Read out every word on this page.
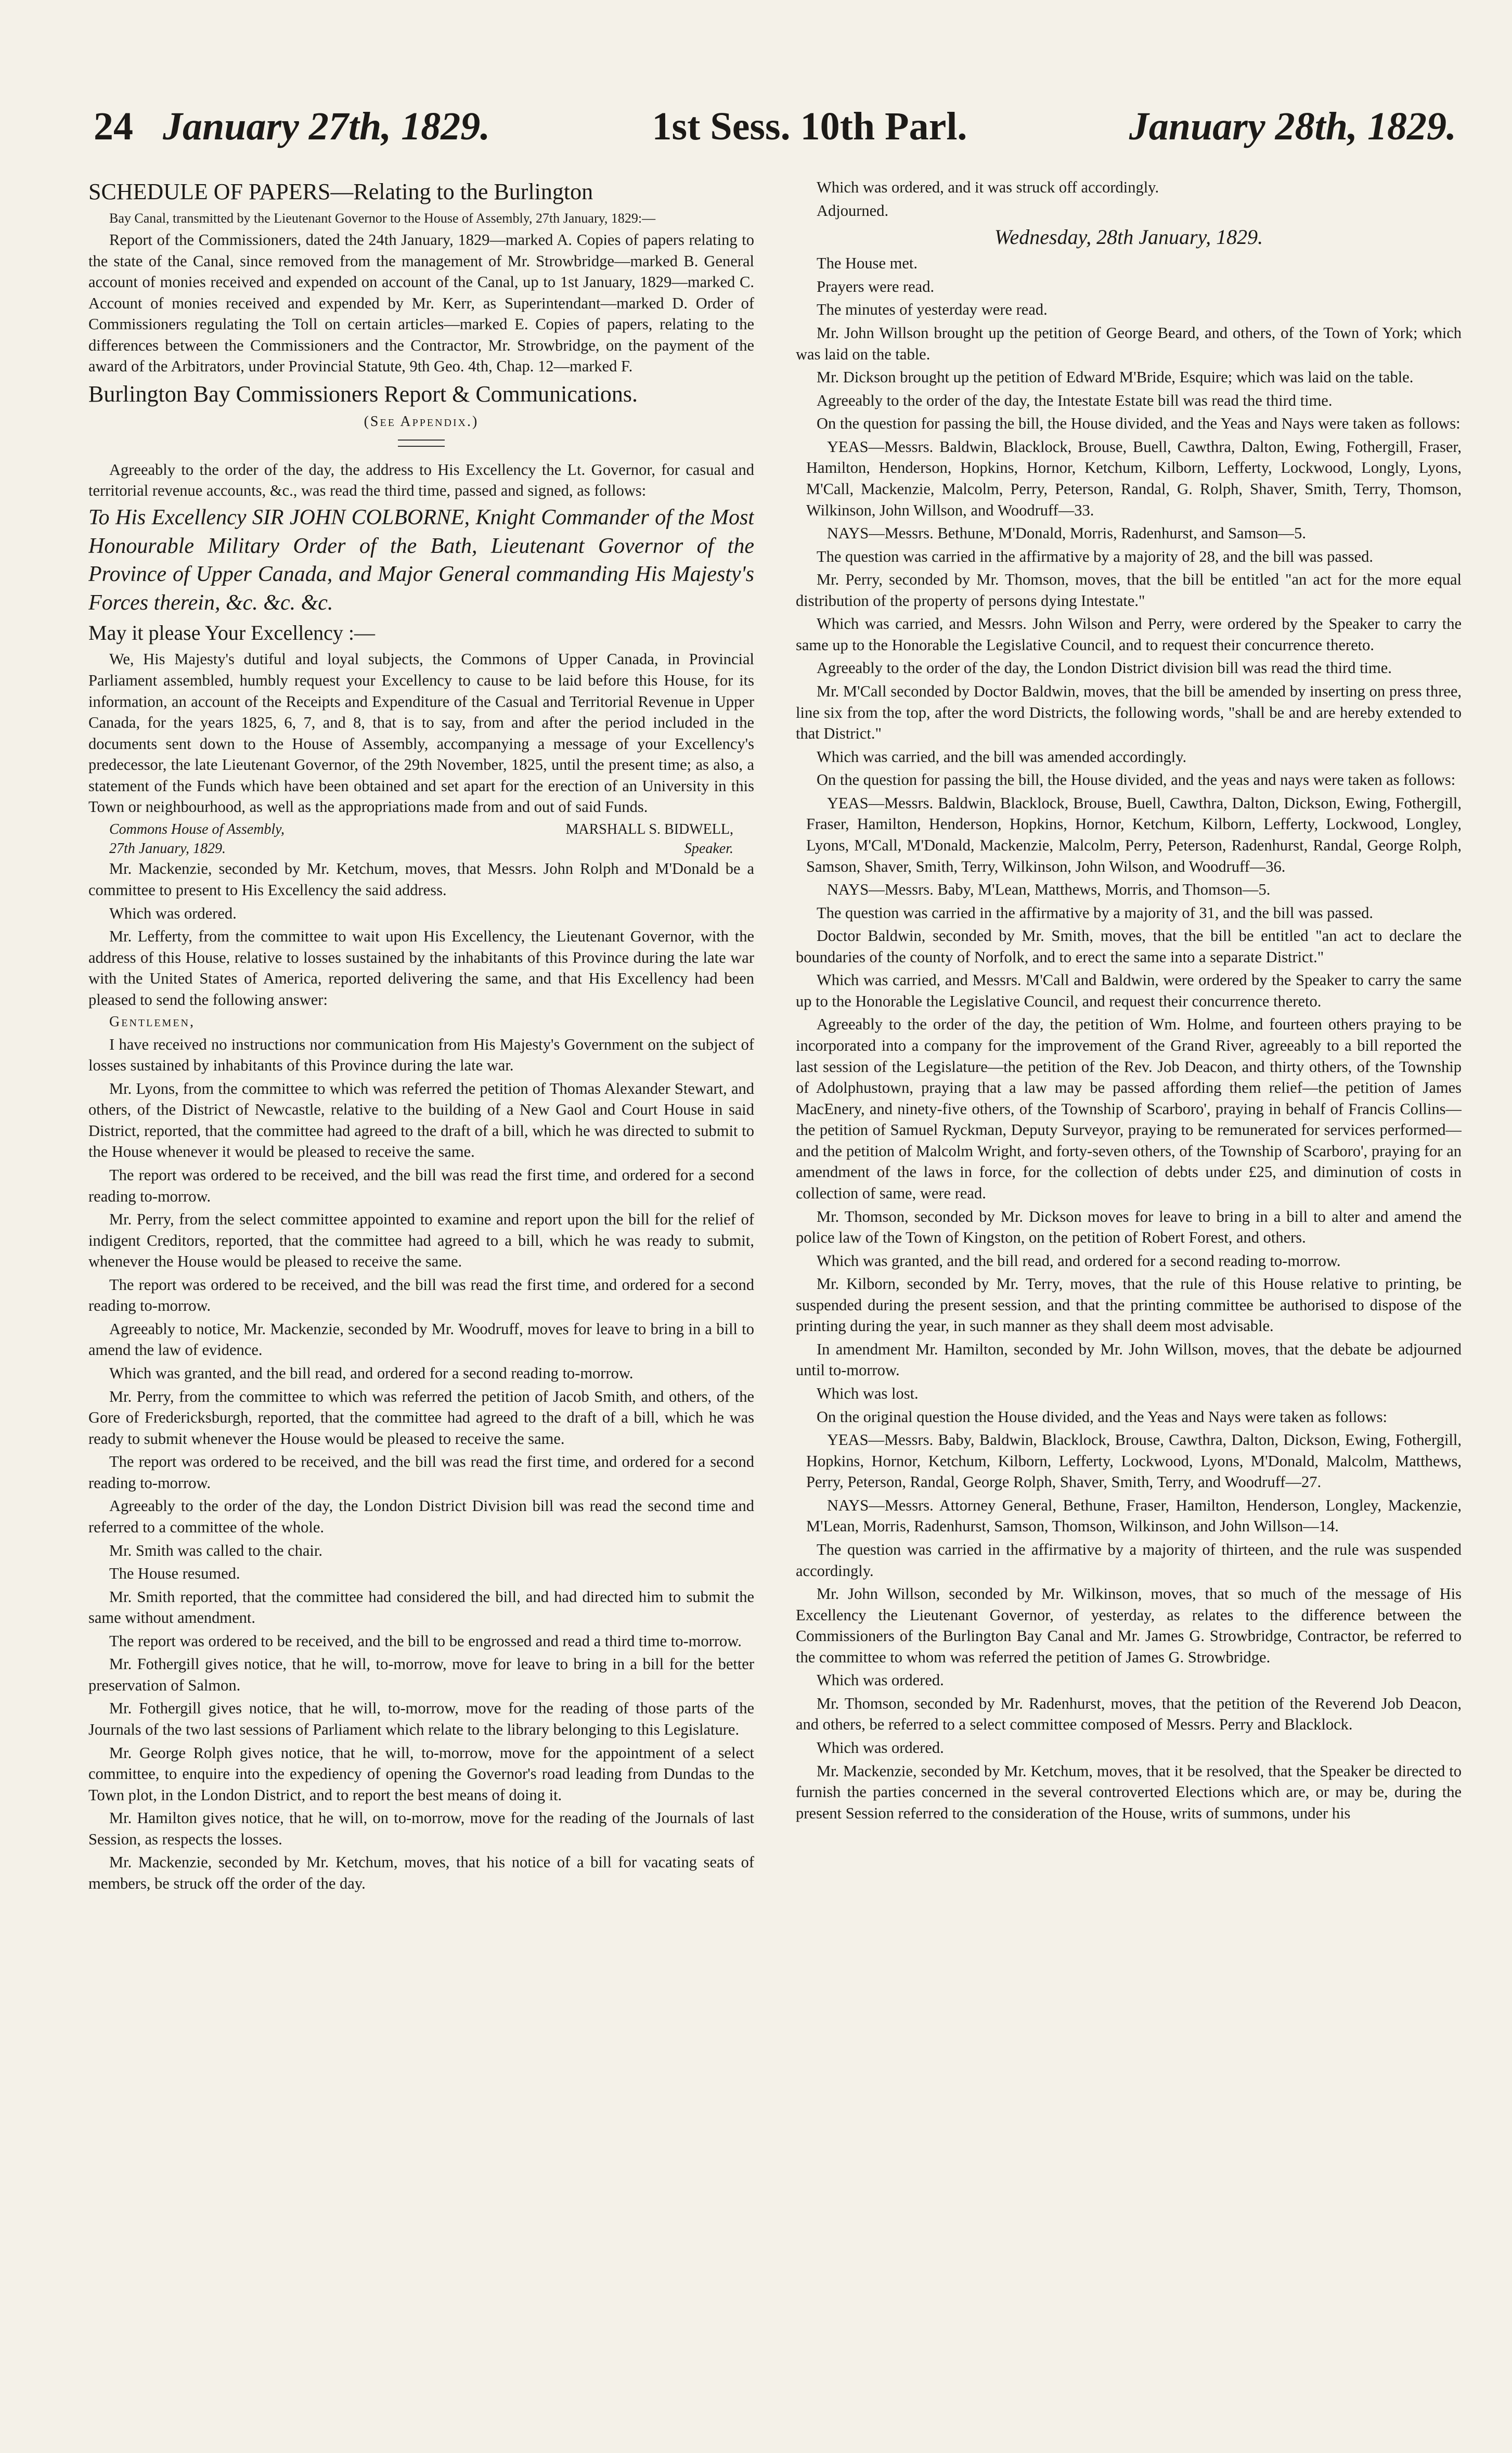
24 January 27th, 1829.	1st Sess. 10th Parl.	January 28th, 1829.

SCHEDULE OF PAPERS—Relating to the Burlington

Bay Canal, transmitted by the Lieutenant Governor to the House of Assembly, 27th January, 1829:—

Report of the Commissioners, dated the 24th January, 1829—marked A. Copies of papers relating to the state of the Canal, since removed from the management of Mr. Strowbridge—marked B. General account of monies received and expended on account of the Canal, up to 1st January, 1829—marked C. Account of monies received and expended by Mr. Kerr, as Superintendant—marked D. Order of Commissioners regulating the Toll on certain articles—marked E. Copies of papers, relating to the differences between the Commissioners and the Contractor, Mr. Strowbridge, on the payment of the award of the Arbitrators, under Provincial Statute, 9th Geo. 4th, Chap. 12—marked F.

Burlington Bay Commissioners Report & Communications.

(See Appendix.)

Agreeably to the order of the day, the address to His Excellency the Lt. Governor, for casual and territorial revenue accounts, &c., was read the third time, passed and signed, as follows:

To His Excellency SIR JOHN COLBORNE, Knight Commander of the Most Honourable Military Order of the Bath, Lieutenant Governor of the Province of Upper Canada, and Major General commanding His Majesty's Forces therein, &c. &c. &c.

May it please Your Excellency :—

We, His Majesty's dutiful and loyal subjects, the Commons of Upper Canada, in Provincial Parliament assembled, humbly request your Excellency to cause to be laid before this House, for its information, an account of the Receipts and Expenditure of the Casual and Territorial Revenue in Upper Canada, for the years 1825, 6, 7, and 8, that is to say, from and after the period included in the documents sent down to the House of Assembly, accompanying a message of your Excellency's predecessor, the late Lieutenant Governor, of the 29th November, 1825, until the present time; as also, a statement of the Funds which have been obtained and set apart for the erection of an University in this Town or neighbourhood, as well as the appropriations made from and out of said Funds.

Commons House of Assembly,
27th January, 1829.
MARSHALL S. BIDWELL,
Speaker.

Mr. Mackenzie, seconded by Mr. Ketchum, moves, that Messrs. John Rolph and M'Donald be a committee to present to His Excellency the said address.

Which was ordered.

Mr. Lefferty, from the committee to wait upon His Excellency, the Lieutenant Governor, with the address of this House, relative to losses sustained by the inhabitants of this Province during the late war with the United States of America, reported delivering the same, and that His Excellency had been pleased to send the following answer:

Gentlemen,

I have received no instructions nor communication from His Majesty's Government on the subject of losses sustained by inhabitants of this Province during the late war.

Mr. Lyons, from the committee to which was referred the petition of Thomas Alexander Stewart, and others, of the District of Newcastle, relative to the building of a New Gaol and Court House in said District, reported, that the committee had agreed to the draft of a bill, which he was directed to submit to the House whenever it would be pleased to receive the same.

The report was ordered to be received, and the bill was read the first time, and ordered for a second reading to-morrow.

Mr. Perry, from the select committee appointed to examine and report upon the bill for the relief of indigent Creditors, reported, that the committee had agreed to a bill, which he was ready to submit, whenever the House would be pleased to receive the same.

The report was ordered to be received, and the bill was read the first time, and ordered for a second reading to-morrow.

Agreeably to notice, Mr. Mackenzie, seconded by Mr. Woodruff, moves for leave to bring in a bill to amend the law of evidence.

Which was granted, and the bill read, and ordered for a second reading to-morrow.

Mr. Perry, from the committee to which was referred the petition of Jacob Smith, and others, of the Gore of Fredericksburgh, reported, that the committee had agreed to the draft of a bill, which he was ready to submit whenever the House would be pleased to receive the same.

The report was ordered to be received, and the bill was read the first time, and ordered for a second reading to-morrow.

Agreeably to the order of the day, the London District Division bill was read the second time and referred to a committee of the whole.

Mr. Smith was called to the chair.

The House resumed.

Mr. Smith reported, that the committee had considered the bill, and had directed him to submit the same without amendment.

The report was ordered to be received, and the bill to be engrossed and read a third time to-morrow.

Mr. Fothergill gives notice, that he will, to-morrow, move for leave to bring in a bill for the better preservation of Salmon.

Mr. Fothergill gives notice, that he will, to-morrow, move for the reading of those parts of the Journals of the two last sessions of Parliament which relate to the library belonging to this Legislature.

Mr. George Rolph gives notice, that he will, to-morrow, move for the appointment of a select committee, to enquire into the expediency of opening the Governor's road leading from Dundas to the Town plot, in the London District, and to report the best means of doing it.

Mr. Hamilton gives notice, that he will, on to-morrow, move for the reading of the Journals of last Session, as respects the losses.

Mr. Mackenzie, seconded by Mr. Ketchum, moves, that his notice of a bill for vacating seats of members, be struck off the order of the day.

Which was ordered, and it was struck off accordingly.

Adjourned.

Wednesday, 28th January, 1829.

The House met.

Prayers were read.

The minutes of yesterday were read.

Mr. John Willson brought up the petition of George Beard, and others, of the Town of York; which was laid on the table.

Mr. Dickson brought up the petition of Edward M'Bride, Esquire; which was laid on the table.

Agreeably to the order of the day, the Intestate Estate bill was read the third time.

On the question for passing the bill, the House divided, and the Yeas and Nays were taken as follows:

YEAS—Messrs. Baldwin, Blacklock, Brouse, Buell, Cawthra, Dalton, Ewing, Fothergill, Fraser, Hamilton, Henderson, Hopkins, Hornor, Ketchum, Kilborn, Lefferty, Lockwood, Longly, Lyons, M'Call, Mackenzie, Malcolm, Perry, Peterson, Randal, G. Rolph, Shaver, Smith, Terry, Thomson, Wilkinson, John Willson, and Woodruff—33.

NAYS—Messrs. Bethune, M'Donald, Morris, Radenhurst, and Samson—5.

The question was carried in the affirmative by a majority of 28, and the bill was passed.

Mr. Perry, seconded by Mr. Thomson, moves, that the bill be entitled "an act for the more equal distribution of the property of persons dying Intestate."

Which was carried, and Messrs. John Wilson and Perry, were ordered by the Speaker to carry the same up to the Honorable the Legislative Council, and to request their concurrence thereto.

Agreeably to the order of the day, the London District division bill was read the third time.

Mr. M'Call seconded by Doctor Baldwin, moves, that the bill be amended by inserting on press three, line six from the top, after the word Districts, the following words, "shall be and are hereby extended to that District."

Which was carried, and the bill was amended accordingly.

On the question for passing the bill, the House divided, and the yeas and nays were taken as follows:

YEAS—Messrs. Baldwin, Blacklock, Brouse, Buell, Cawthra, Dalton, Dickson, Ewing, Fothergill, Fraser, Hamilton, Henderson, Hopkins, Hornor, Ketchum, Kilborn, Lefferty, Lockwood, Longley, Lyons, M'Call, M'Donald, Mackenzie, Malcolm, Perry, Peterson, Radenhurst, Randal, George Rolph, Samson, Shaver, Smith, Terry, Wilkinson, John Wilson, and Woodruff—36.

NAYS—Messrs. Baby, M'Lean, Matthews, Morris, and Thomson—5.

The question was carried in the affirmative by a majority of 31, and the bill was passed.

Doctor Baldwin, seconded by Mr. Smith, moves, that the bill be entitled "an act to declare the boundaries of the county of Norfolk, and to erect the same into a separate District."

Which was carried, and Messrs. M'Call and Baldwin, were ordered by the Speaker to carry the same up to the Honorable the Legislative Council, and request their concurrence thereto.

Agreeably to the order of the day, the petition of Wm. Holme, and fourteen others praying to be incorporated into a company for the improvement of the Grand River, agreeably to a bill reported the last session of the Legislature—the petition of the Rev. Job Deacon, and thirty others, of the Township of Adolphustown, praying that a law may be passed affording them relief—the petition of James MacEnery, and ninety-five others, of the Township of Scarboro', praying in behalf of Francis Collins—the petition of Samuel Ryckman, Deputy Surveyor, praying to be remunerated for services performed—and the petition of Malcolm Wright, and forty-seven others, of the Township of Scarboro', praying for an amendment of the laws in force, for the collection of debts under £25, and diminution of costs in collection of same, were read.

Mr. Thomson, seconded by Mr. Dickson moves for leave to bring in a bill to alter and amend the police law of the Town of Kingston, on the petition of Robert Forest, and others.

Which was granted, and the bill read, and ordered for a second reading to-morrow.

Mr. Kilborn, seconded by Mr. Terry, moves, that the rule of this House relative to printing, be suspended during the present session, and that the printing committee be authorised to dispose of the printing during the year, in such manner as they shall deem most advisable.

In amendment Mr. Hamilton, seconded by Mr. John Willson, moves, that the debate be adjourned until to-morrow.

Which was lost.

On the original question the House divided, and the Yeas and Nays were taken as follows:

YEAS—Messrs. Baby, Baldwin, Blacklock, Brouse, Cawthra, Dalton, Dickson, Ewing, Fothergill, Hopkins, Hornor, Ketchum, Kilborn, Lefferty, Lockwood, Lyons, M'Donald, Malcolm, Matthews, Perry, Peterson, Randal, George Rolph, Shaver, Smith, Terry, and Woodruff—27.

NAYS—Messrs. Attorney General, Bethune, Fraser, Hamilton, Henderson, Longley, Mackenzie, M'Lean, Morris, Radenhurst, Samson, Thomson, Wilkinson, and John Willson—14.

The question was carried in the affirmative by a majority of thirteen, and the rule was suspended accordingly.

Mr. John Willson, seconded by Mr. Wilkinson, moves, that so much of the message of His Excellency the Lieutenant Governor, of yesterday, as relates to the difference between the Commissioners of the Burlington Bay Canal and Mr. James G. Strowbridge, Contractor, be referred to the committee to whom was referred the petition of James G. Strowbridge.

Which was ordered.

Mr. Thomson, seconded by Mr. Radenhurst, moves, that the petition of the Reverend Job Deacon, and others, be referred to a select committee composed of Messrs. Perry and Blacklock.

Which was ordered.

Mr. Mackenzie, seconded by Mr. Ketchum, moves, that it be resolved, that the Speaker be directed to furnish the parties concerned in the several controverted Elections which are, or may be, during the present Session referred to the consideration of the House, writs of summons, under his
